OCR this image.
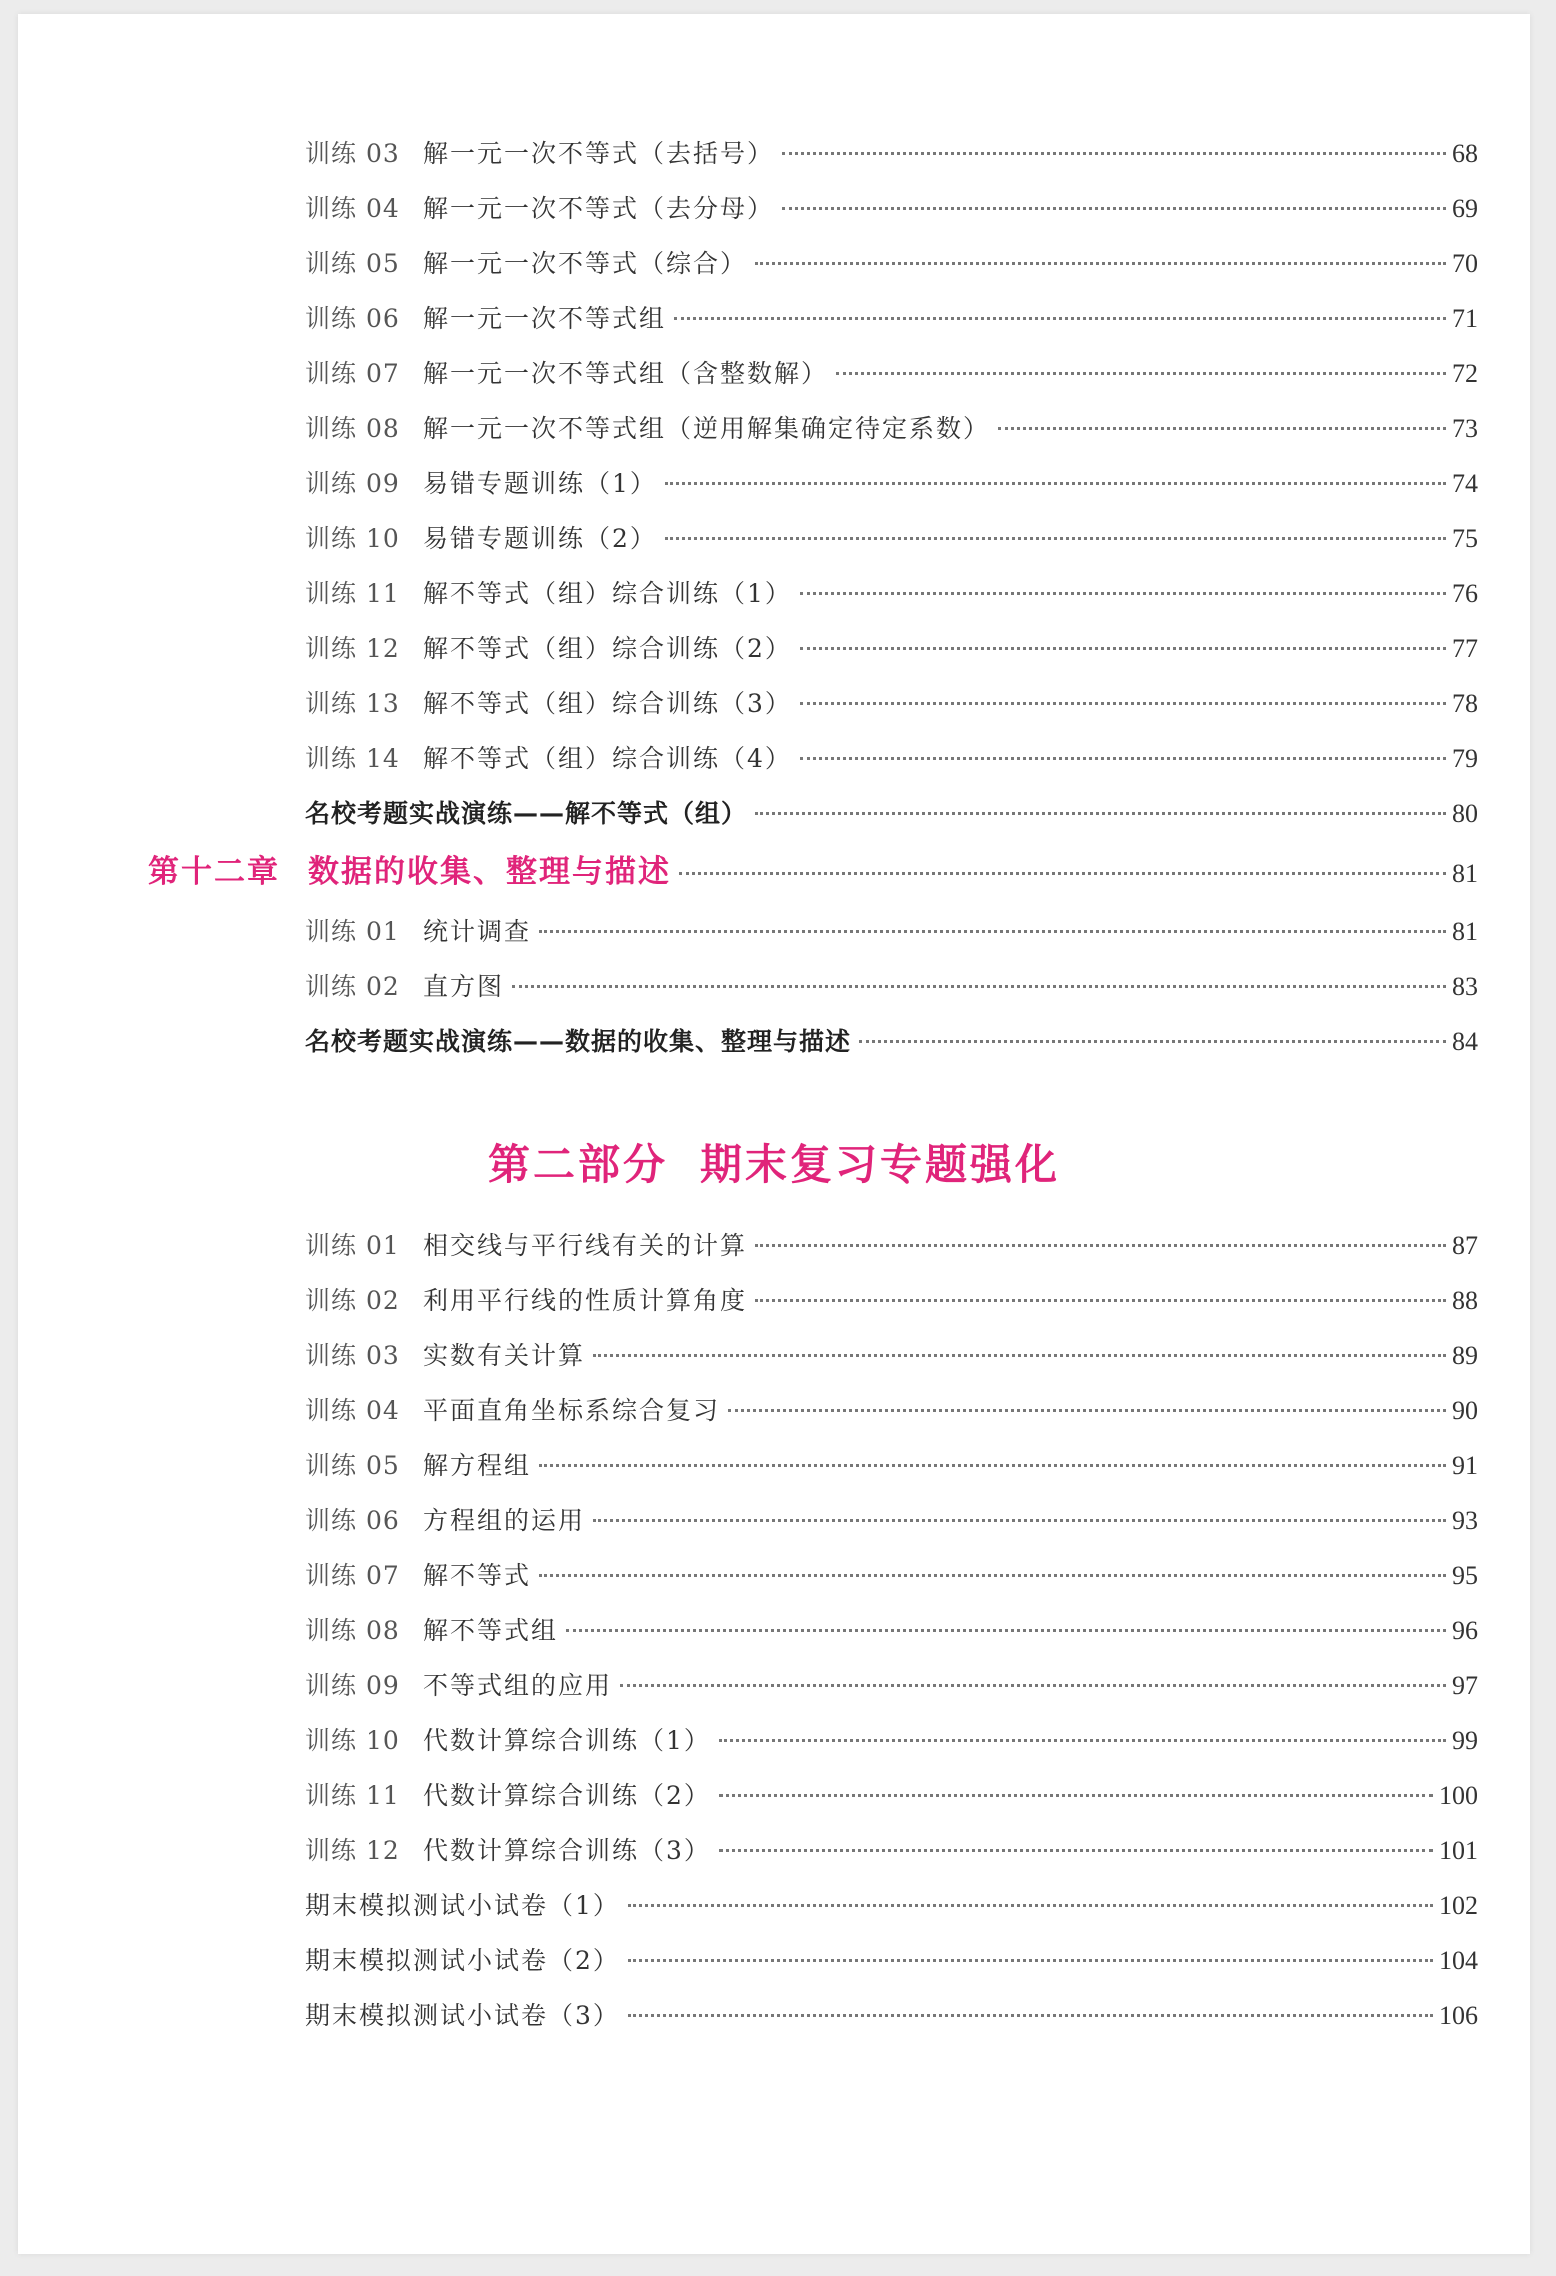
训练 03 解一元一次不等式（去括号）	68
训练 04 解一元一次不等式（去分母）	69
训练 05 解一元一次不等式（综合）	70
训练 06 解一元一次不等式组	71
训练 07 解一元一次不等式组（含整数解）	72
训练 08 解一元一次不等式组（逆用解集确定待定系数）	73
训练 09 易错专题训练（1）	74
训练 10 易错专题训练（2）	75
训练 11 解不等式（组）综合训练（1）	76
训练 12 解不等式（组）综合训练（2）	77
训练 13 解不等式（组）综合训练（3）	78
训练 14 解不等式（组）综合训练（4）	79
名校考题实战演练——解不等式（组）	80
第十二章 数据的收集、整理与描述	81
训练 01 统计调查	81
训练 02 直方图	83
名校考题实战演练——数据的收集、整理与描述	84
第二部分 期末复习专题强化
训练 01 相交线与平行线有关的计算	87
训练 02 利用平行线的性质计算角度	88
训练 03 实数有关计算	89
训练 04 平面直角坐标系综合复习	90
训练 05 解方程组	91
训练 06 方程组的运用	93
训练 07 解不等式	95
训练 08 解不等式组	96
训练 09 不等式组的应用	97
训练 10 代数计算综合训练（1）	99
训练 11 代数计算综合训练（2）	100
训练 12 代数计算综合训练（3）	101
期末模拟测试小试卷（1）	102
期末模拟测试小试卷（2）	104
期末模拟测试小试卷（3）	106
